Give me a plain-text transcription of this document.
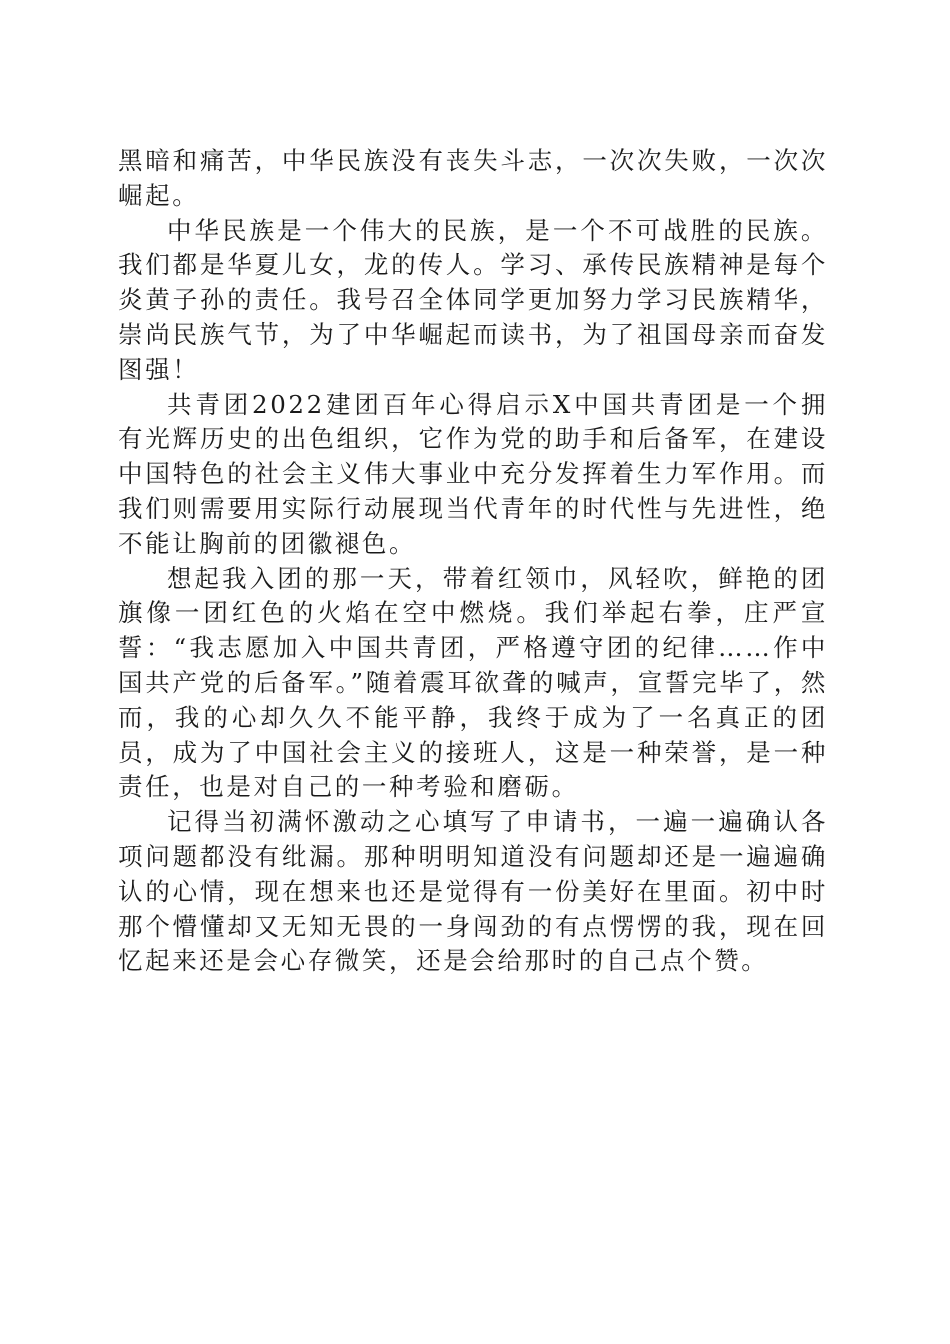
黑暗和痛苦，中华民族没有丧失斗志，一次次失败，一次次崛起。

中华民族是一个伟大的民族，是一个不可战胜的民族。我们都是华夏儿女，龙的传人。学习、承传民族精神是每个炎黄子孙的责任。我号召全体同学更加努力学习民族精华，崇尚民族气节，为了中华崛起而读书，为了祖国母亲而奋发图强！

共青团2022建团百年心得启示X中国共青团是一个拥有光辉历史的出色组织，它作为党的助手和后备军，在建设中国特色的社会主义伟大事业中充分发挥着生力军作用。而我们则需要用实际行动展现当代青年的时代性与先进性，绝不能让胸前的团徽褪色。

想起我入团的那一天，带着红领巾，风轻吹，鲜艳的团旗像一团红色的火焰在空中燃烧。我们举起右拳，庄严宣誓：“我志愿加入中国共青团，严格遵守团的纪律……作中国共产党的后备军。”随着震耳欲聋的喊声，宣誓完毕了，然而，我的心却久久不能平静，我终于成为了一名真正的团员，成为了中国社会主义的接班人，这是一种荣誉，是一种责任，也是对自己的一种考验和磨砺。

记得当初满怀激动之心填写了申请书，一遍一遍确认各项问题都没有纰漏。那种明明知道没有问题却还是一遍遍确认的心情，现在想来也还是觉得有一份美好在里面。初中时那个懵懂却又无知无畏的一身闯劲的有点愣愣的我，现在回忆起来还是会心存微笑，还是会给那时的自己点个赞。
